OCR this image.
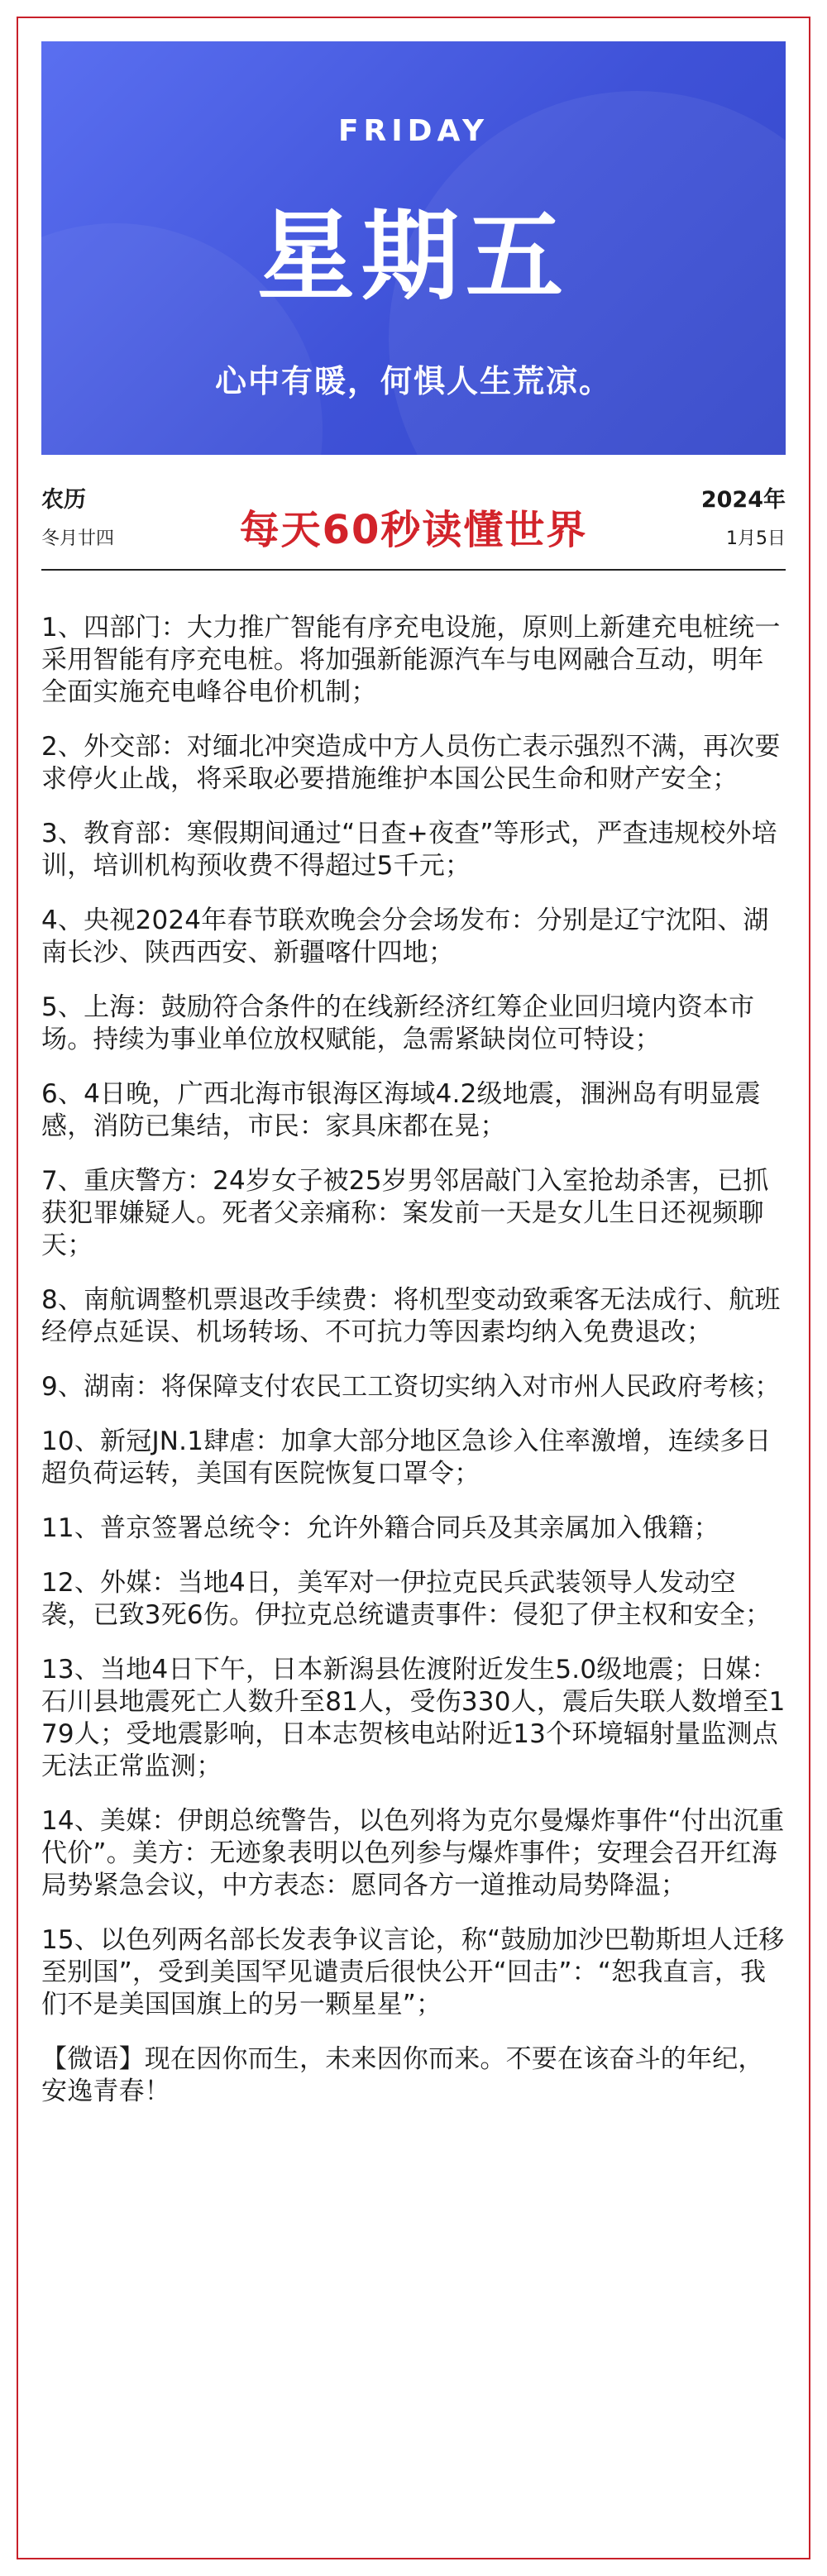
FRIDAY
星期五
心中有暖，何惧人生荒凉。
农历
冬月廿四	每天60秒读懂世界
2024年
1月5日
1、四部门：大力推广智能有序充电设施，原则上新建充电桩统一采用智能有序充电桩。将加强新能源汽车与电网融合互动，明年全面实施充电峰谷电价机制；
2、外交部：对缅北冲突造成中方人员伤亡表示强烈不满，再次要求停火止战，将采取必要措施维护本国公民生命和财产安全；
3、教育部：寒假期间通过“日查+夜查”等形式，严查违规校外培训，培训机构预收费不得超过5千元；
4、央视2024年春节联欢晚会分会场发布：分别是辽宁沈阳、湖南长沙、陕西西安、新疆喀什四地；
5、上海：鼓励符合条件的在线新经济红筹企业回归境内资本市场。持续为事业单位放权赋能，急需紧缺岗位可特设；
6、4日晚，广西北海市银海区海域4.2级地震，涠洲岛有明显震感，消防已集结，市民：家具床都在晃；
7、重庆警方：24岁女子被25岁男邻居敲门入室抢劫杀害，已抓获犯罪嫌疑人。死者父亲痛称：案发前一天是女儿生日还视频聊天；
8、南航调整机票退改手续费：将机型变动致乘客无法成行、航班经停点延误、机场转场、不可抗力等因素均纳入免费退改；
9、湖南：将保障支付农民工工资切实纳入对市州人民政府考核；
10、新冠JN.1肆虐：加拿大部分地区急诊入住率激增，连续多日超负荷运转，美国有医院恢复口罩令；
11、普京签署总统令：允许外籍合同兵及其亲属加入俄籍；
12、外媒：当地4日，美军对一伊拉克民兵武装领导人发动空袭，已致3死6伤。伊拉克总统谴责事件：侵犯了伊主权和安全；
13、当地4日下午，日本新潟县佐渡附近发生5.0级地震；日媒：石川县地震死亡人数升至81人，受伤330人，震后失联人数增至179人；受地震影响，日本志贺核电站附近13个环境辐射量监测点无法正常监测；
14、美媒：伊朗总统警告，以色列将为克尔曼爆炸事件“付出沉重代价”。美方：无迹象表明以色列参与爆炸事件；安理会召开红海局势紧急会议，中方表态：愿同各方一道推动局势降温；
15、以色列两名部长发表争议言论，称“鼓励加沙巴勒斯坦人迁移至别国”，受到美国罕见谴责后很快公开“回击”：“恕我直言，我们不是美国国旗上的另一颗星星”；
【微语】现在因你而生，未来因你而来。不要在该奋斗的年纪，安逸青春！
